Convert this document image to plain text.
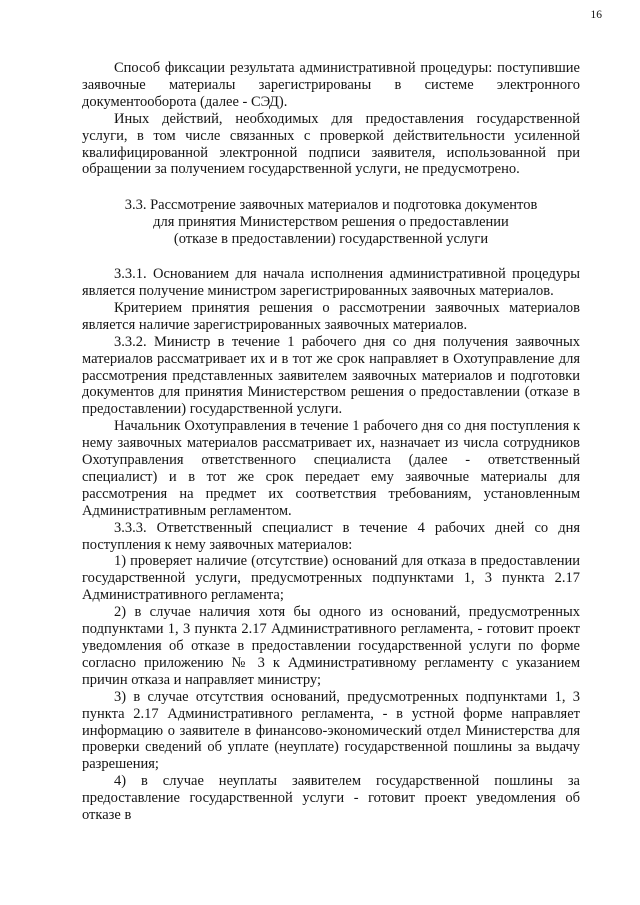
16

Способ фиксации результата административной процедуры: поступившие заявочные материалы зарегистрированы в системе электронного документооборота (далее - СЭД).

Иных действий, необходимых для предоставления государственной услуги, в том числе связанных с проверкой действительности усиленной квалифицированной электронной подписи заявителя, использованной при обращении за получением государственной услуги, не предусмотрено.

3.3. Рассмотрение заявочных материалов и подготовка документов
для принятия Министерством решения о предоставлении
(отказе в предоставлении) государственной услуги

3.3.1. Основанием для начала исполнения административной процедуры является получение министром зарегистрированных заявочных материалов.

Критерием принятия решения о рассмотрении заявочных материалов является наличие зарегистрированных заявочных материалов.

3.3.2. Министр в течение 1 рабочего дня со дня получения заявочных материалов рассматривает их и в тот же срок направляет в Охотуправление для рассмотрения представленных заявителем заявочных материалов и подготовки документов для принятия Министерством решения о предоставлении (отказе в предоставлении) государственной услуги.

Начальник Охотуправления в течение 1 рабочего дня со дня поступления к нему заявочных материалов рассматривает их, назначает из числа сотрудников Охотуправления ответственного специалиста (далее - ответственный специалист) и в тот же срок передает ему заявочные материалы для рассмотрения на предмет их соответствия требованиям, установленным Административным регламентом.

3.3.3. Ответственный специалист в течение 4 рабочих дней со дня поступления к нему заявочных материалов:

1) проверяет наличие (отсутствие) оснований для отказа в предоставлении государственной услуги, предусмотренных подпунктами 1, 3 пункта 2.17 Административного регламента;

2) в случае наличия хотя бы одного из оснований, предусмотренных подпунктами 1, 3 пункта 2.17 Административного регламента, - готовит проект уведомления об отказе в предоставлении государственной услуги по форме согласно приложению № 3 к Административному регламенту с указанием причин отказа и направляет министру;

3) в случае отсутствия оснований, предусмотренных подпунктами 1, 3 пункта 2.17 Административного регламента, - в устной форме направляет информацию о заявителе в финансово-экономический отдел Министерства для проверки сведений об уплате (неуплате) государственной пошлины за выдачу разрешения;

4) в случае неуплаты заявителем государственной пошлины за предоставление государственной услуги - готовит проект уведомления об отказе в
